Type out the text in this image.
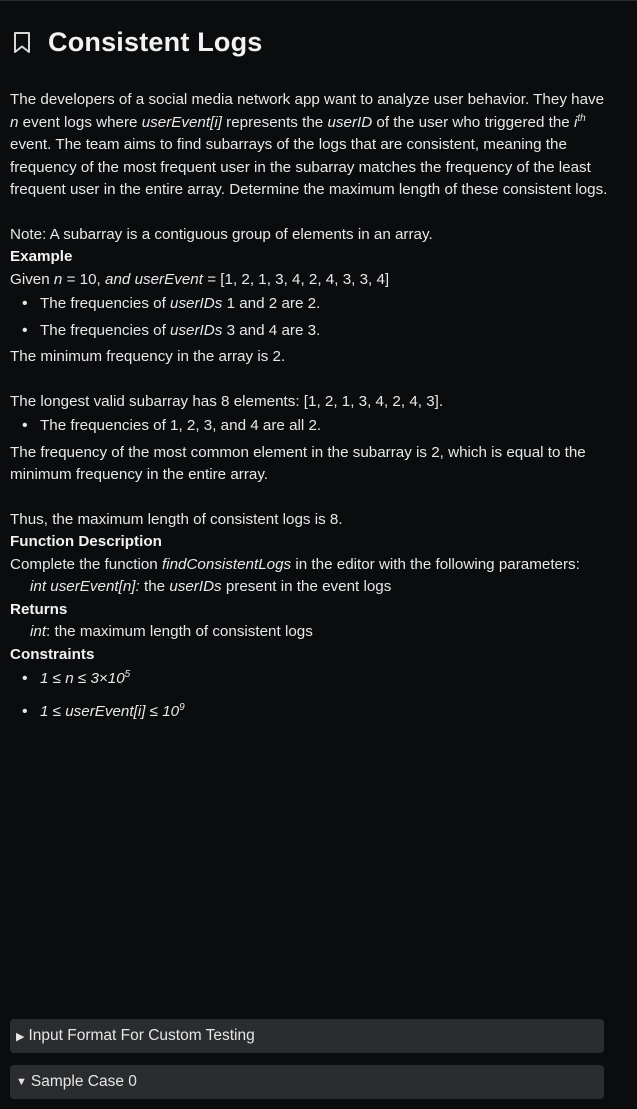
Consistent Logs

The developers of a social media network app want to analyze user behavior. They have n event logs where userEvent[i] represents the userID of the user who triggered the $i^{th}$ event. The team aims to find subarrays of the logs that are consistent, meaning the frequency of the most frequent user in the subarray matches the frequency of the least frequent user in the entire array. Determine the maximum length of these consistent logs.

Note: A subarray is a contiguous group of elements in an array.

Example

Given n = 10, and userEvent = [1, 2, 1, 3, 4, 2, 4, 3, 3, 4]

• The frequencies of userIDs 1 and 2 are 2.
• The frequencies of userIDs 3 and 4 are 3.

The minimum frequency in the array is 2.

The longest valid subarray has 8 elements: [1, 2, 1, 3, 4, 2, 4, 3].

• The frequencies of 1, 2, 3, and 4 are all 2.

The frequency of the most common element in the subarray is 2, which is equal to the minimum frequency in the entire array.

Thus, the maximum length of consistent logs is 8.

Function Description

Complete the function findConsistentLogs in the editor with the following parameters:

int userEvent[n]: the userIDs present in the event logs

Returns

int: the maximum length of consistent logs

Constraints

• $1 \le n \le 3\times 10^5$
• 1 ≤ userEvent[i] ≤ $10^9$
▶ Input Format For Custom Testing
▼ Sample Case 0
